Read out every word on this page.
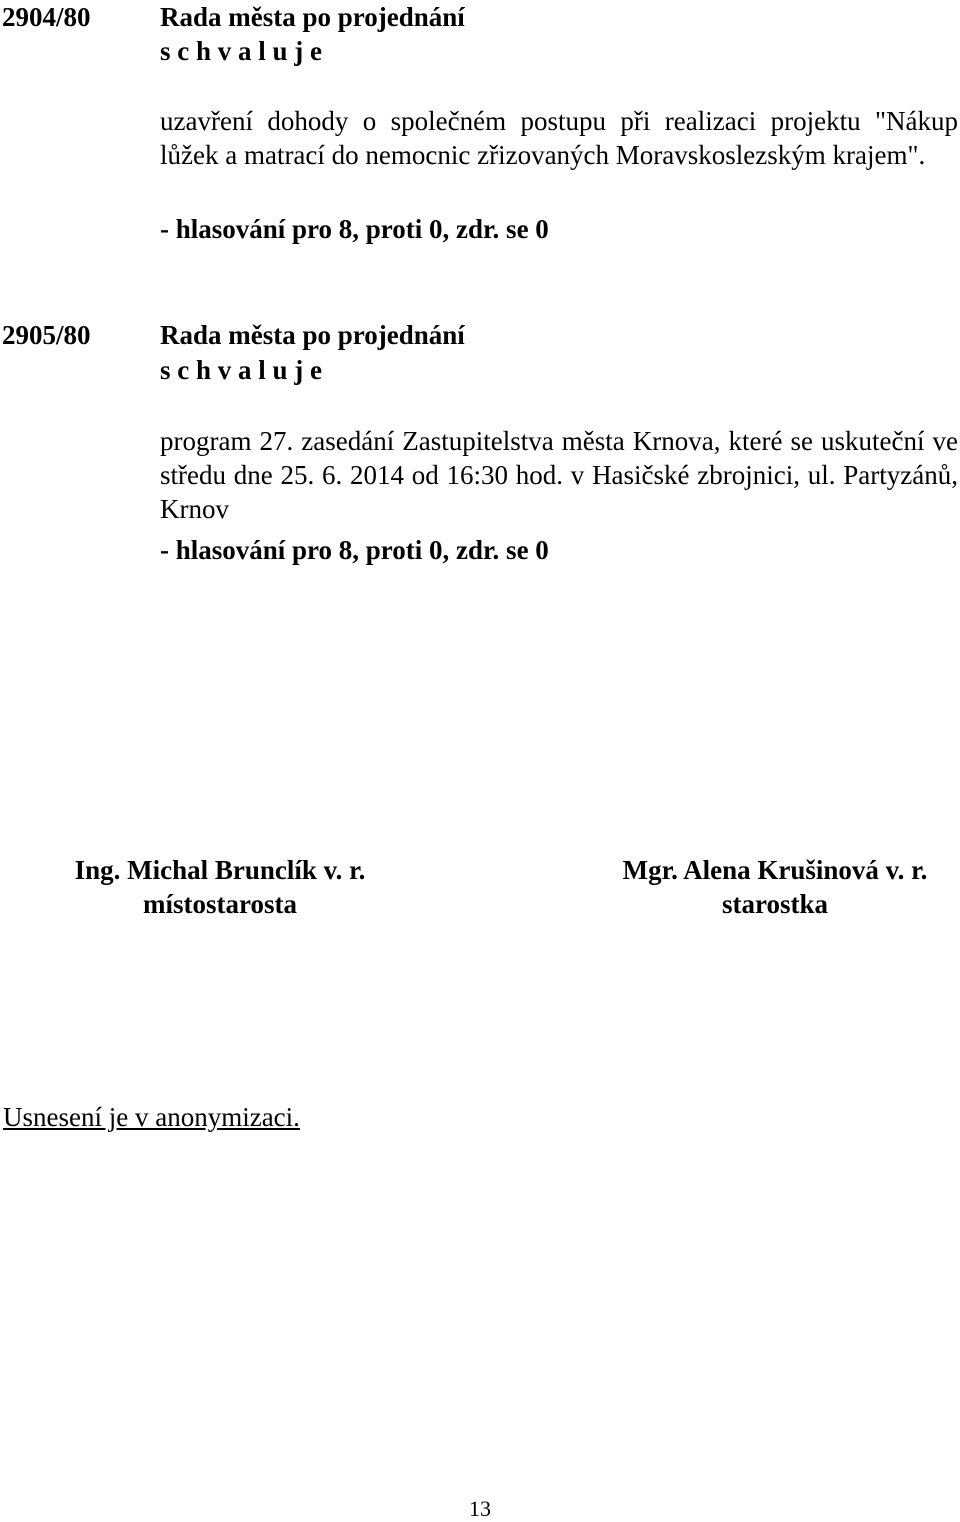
2904/80	Rada města po projednání
s c h v a l u j e
uzavření dohody o společném postupu při realizaci projektu "Nákup lůžek a matrací do nemocnic zřizovaných Moravskoslezským krajem".
- hlasování pro 8, proti 0, zdr. se 0
2905/80	Rada města po projednání
s c h v a l u j e
program 27. zasedání Zastupitelstva města Krnova, které se uskuteční ve středu dne 25. 6. 2014 od 16:30 hod. v Hasičské zbrojnici, ul. Partyzánů, Krnov
- hlasování pro 8, proti 0, zdr. se 0
Ing. Michal Brunclík v. r.
místostarosta
Mgr. Alena Krušinová v. r.
starostka
Usnesení je v anonymizaci.
13
